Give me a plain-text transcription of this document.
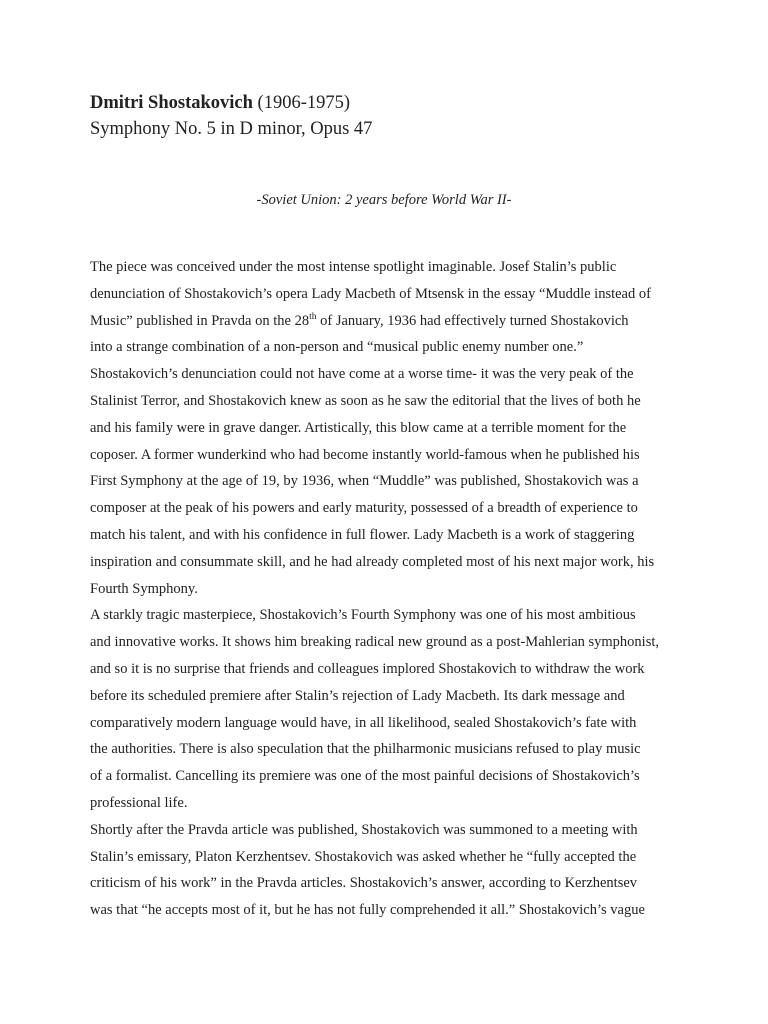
Dmitri Shostakovich (1906-1975)
Symphony No. 5 in D minor, Opus 47
-Soviet Union: 2 years before World War II-
The piece was conceived under the most intense spotlight imaginable. Josef Stalin’s public
denunciation of Shostakovich’s opera Lady Macbeth of Mtsensk in the essay “Muddle instead of
Music” published in Pravda on the 28th of January, 1936 had effectively turned Shostakovich
into a strange combination of a non-person and “musical public enemy number one.”
Shostakovich’s denunciation could not have come at a worse time- it was the very peak of the
Stalinist Terror, and Shostakovich knew as soon as he saw the editorial that the lives of both he
and his family were in grave danger. Artistically, this blow came at a terrible moment for the
coposer. A former wunderkind who had become instantly world-famous when he published his
First Symphony at the age of 19, by 1936, when “Muddle” was published, Shostakovich was a
composer at the peak of his powers and early maturity, possessed of a breadth of experience to
match his talent, and with his confidence in full flower. Lady Macbeth is a work of staggering
inspiration and consummate skill, and he had already completed most of his next major work, his
Fourth Symphony.
A starkly tragic masterpiece, Shostakovich’s Fourth Symphony was one of his most ambitious
and innovative works. It shows him breaking radical new ground as a post-Mahlerian symphonist,
and so it is no surprise that friends and colleagues implored Shostakovich to withdraw the work
before its scheduled premiere after Stalin’s rejection of Lady Macbeth. Its dark message and
comparatively modern language would have, in all likelihood, sealed Shostakovich’s fate with
the authorities. There is also speculation that the philharmonic musicians refused to play music
of a formalist. Cancelling its premiere was one of the most painful decisions of Shostakovich’s
professional life.
Shortly after the Pravda article was published, Shostakovich was summoned to a meeting with
Stalin’s emissary, Platon Kerzhentsev. Shostakovich was asked whether he “fully accepted the
criticism of his work” in the Pravda articles. Shostakovich’s answer, according to Kerzhentsev
was that “he accepts most of it, but he has not fully comprehended it all.” Shostakovich’s vague
